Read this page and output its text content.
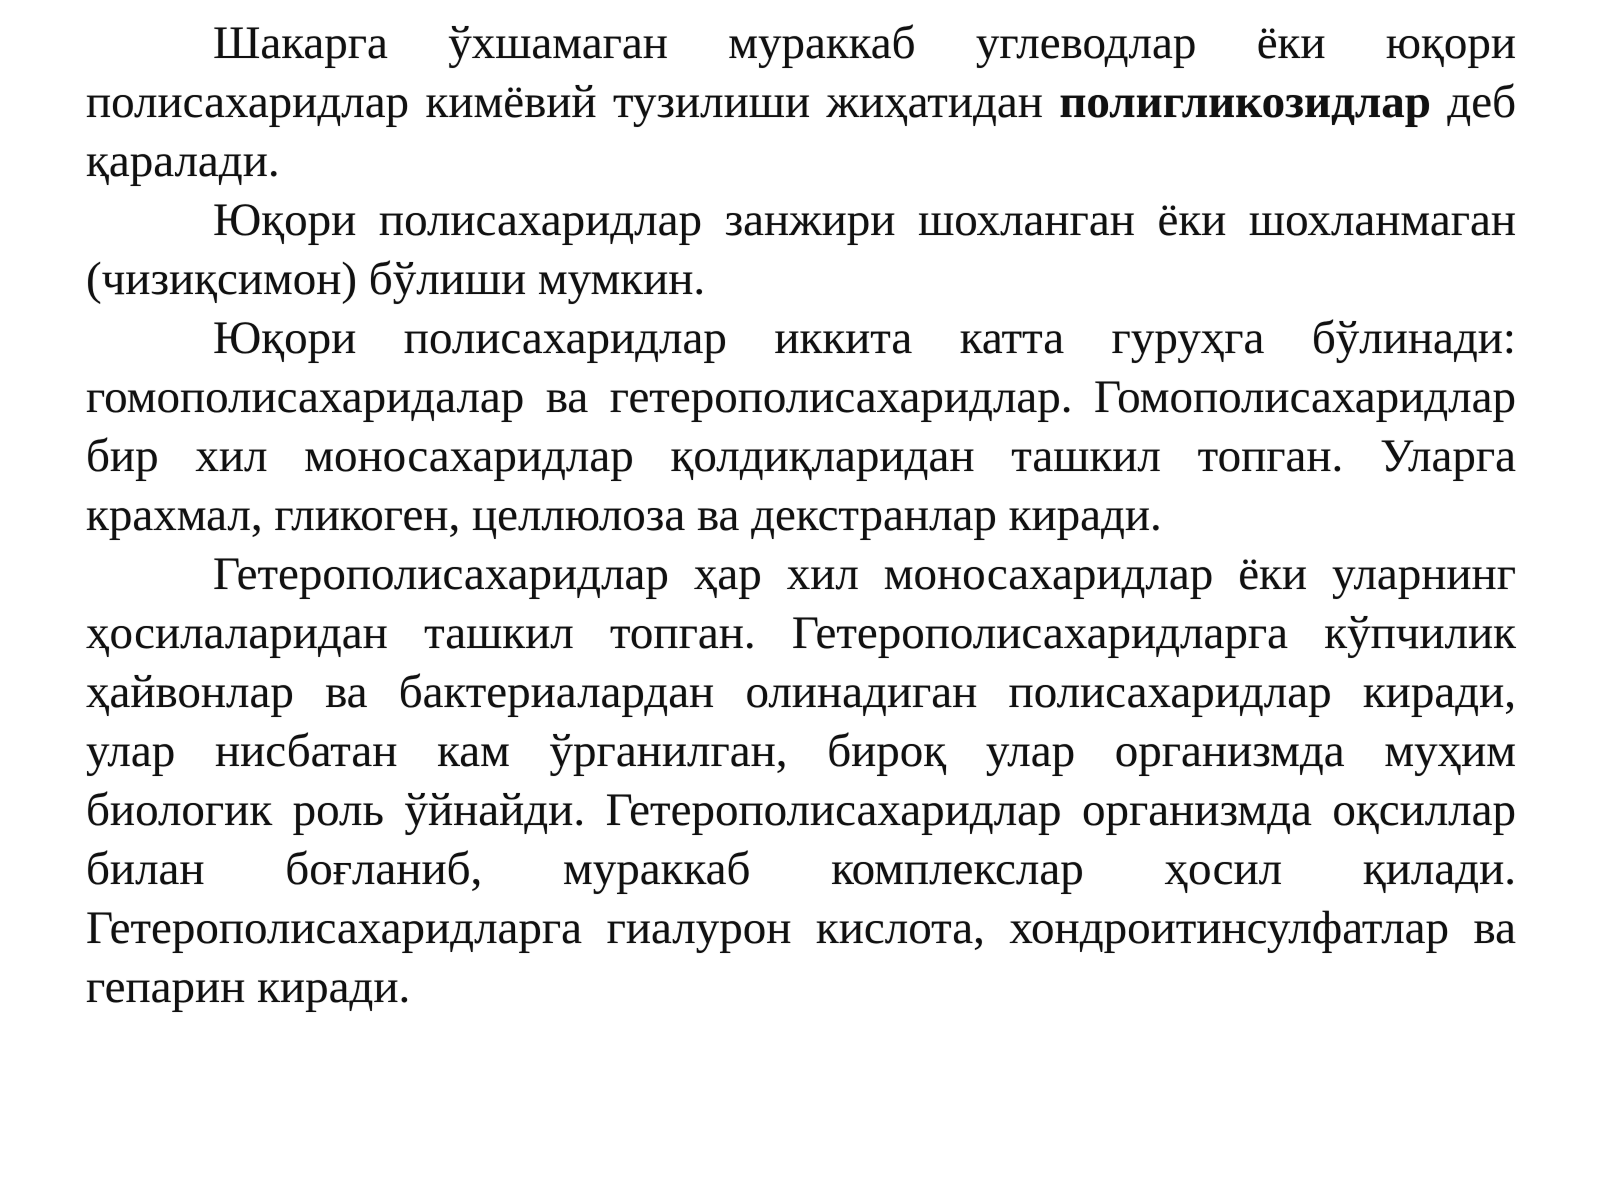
Шакарга ўхшамаган мураккаб углеводлар ёки юқори полисахаридлар кимёвий тузилиши жиҳатидан полигликозидлар деб қаралади.

Юқори полисахаридлар занжири шохланган ёки шохланмаган (чизиқсимон) бўлиши мумкин.

Юқори полисахаридлар иккита катта гуруҳга бўлинади: гомополисахаридалар ва гетерополисахаридлар. Гомополисахаридлар бир хил моносахаридлар қолдиқларидан ташкил топган. Уларга крахмал, гликоген, целлюлоза ва декстранлар киради.

Гетерополисахаридлар ҳар хил моносахаридлар ёки уларнинг ҳосилаларидан ташкил топган. Гетерополисахаридларга кўпчилик ҳайвонлар ва бактериалардан олинадиган полисахаридлар киради, улар нисбатан кам ўрганилган, бироқ улар организмда муҳим биологик роль ўйнайди. Гетерополисахаридлар организмда оқсиллар билан боғланиб, мураккаб комплекслар ҳосил қилади. Гетерополисахаридларга гиалурон кислота, хондроитинсулфатлар ва гепарин киради.
